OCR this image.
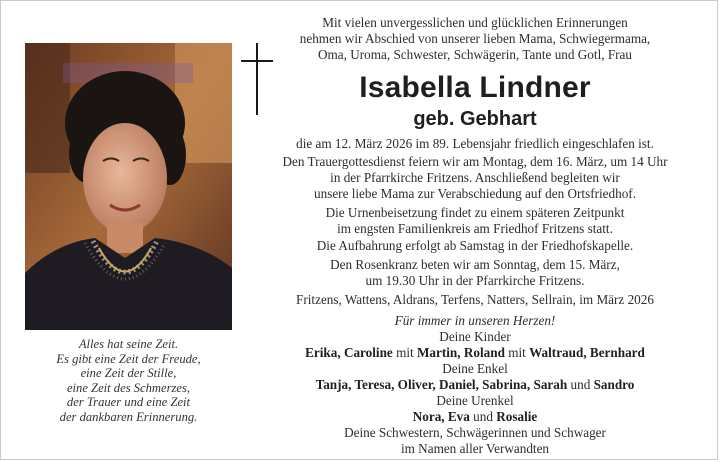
Alles hat seine Zeit.
Es gibt eine Zeit der Freude,
eine Zeit der Stille,
eine Zeit des Schmerzes,
der Trauer und eine Zeit
der dankbaren Erinnerung.
Mit vielen unvergesslichen und glücklichen Erinnerungen
nehmen wir Abschied von unserer lieben Mama, Schwiegermama,
Oma, Uroma, Schwester, Schwägerin, Tante und Gotl, Frau
Isabella Lindner
geb. Gebhart
die am 12. März 2026 im 89. Lebensjahr friedlich eingeschlafen ist.
Den Trauergottesdienst feiern wir am Montag, dem 16. März, um 14 Uhr
in der Pfarrkirche Fritzens. Anschließend begleiten wir
unsere liebe Mama zur Verabschiedung auf den Ortsfriedhof.
Die Urnenbeisetzung findet zu einem späteren Zeitpunkt
im engsten Familienkreis am Friedhof Fritzens statt.
Die Aufbahrung erfolgt ab Samstag in der Friedhofskapelle.
Den Rosenkranz beten wir am Sonntag, dem 15. März,
um 19.30 Uhr in der Pfarrkirche Fritzens.
Fritzens, Wattens, Aldrans, Terfens, Natters, Sellrain, im März 2026
Für immer in unseren Herzen!
Deine Kinder
Erika, Caroline mit Martin, Roland mit Waltraud, Bernhard
Deine Enkel
Tanja, Teresa, Oliver, Daniel, Sabrina, Sarah und Sandro
Deine Urenkel
Nora, Eva und Rosalie
Deine Schwestern, Schwägerinnen und Schwager
im Namen aller Verwandten
